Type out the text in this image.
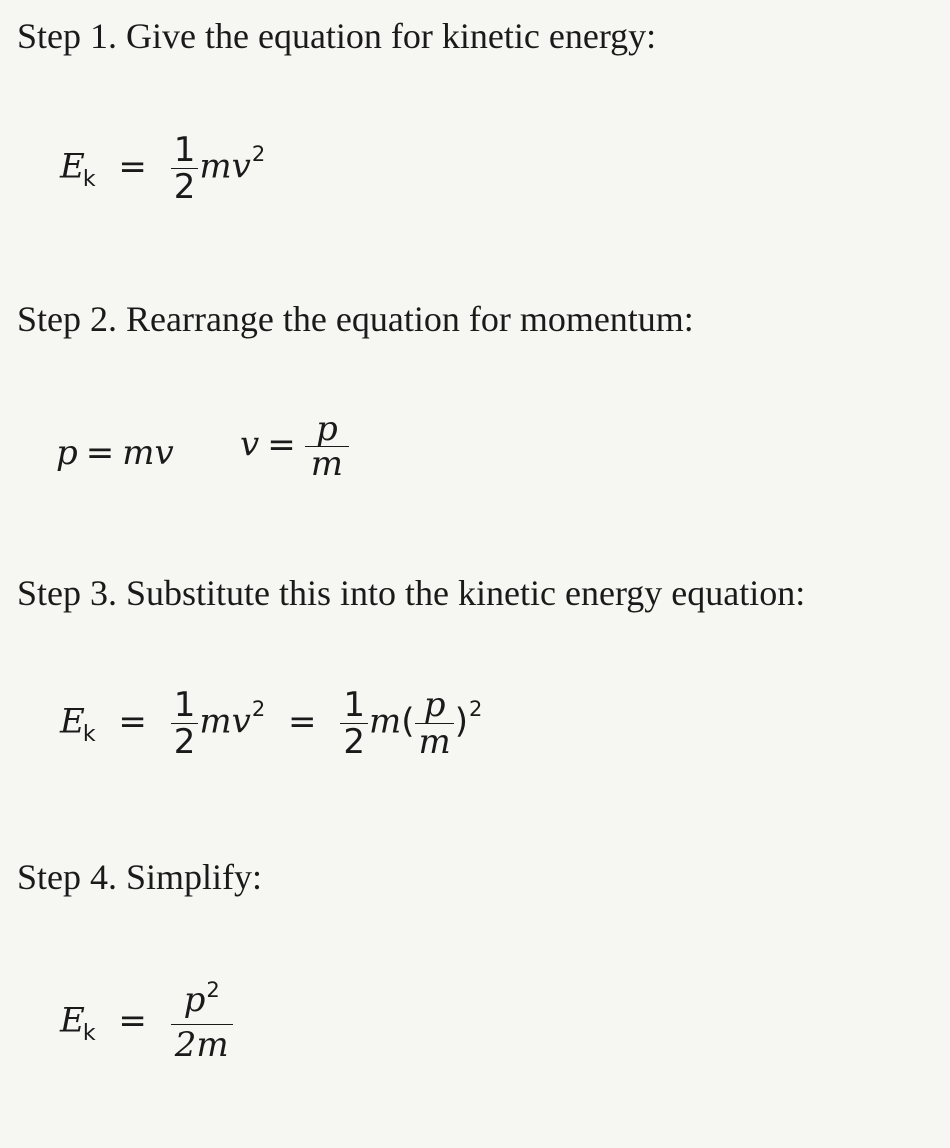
Step 1. Give the equation for kinetic energy:
$E_k = \frac{1}{2} mv^2$
Step 2. Rearrange the equation for momentum:
p = mv $v = \frac{p}{m}$
Step 3. Substitute this into the kinetic energy equation:
$E_k = \frac{1}{2} mv^2 = \frac{1}{2} m( \frac{p}{m} )^2$
Step 4. Simplify:
$E_k = \frac{p^2}{2m}$
